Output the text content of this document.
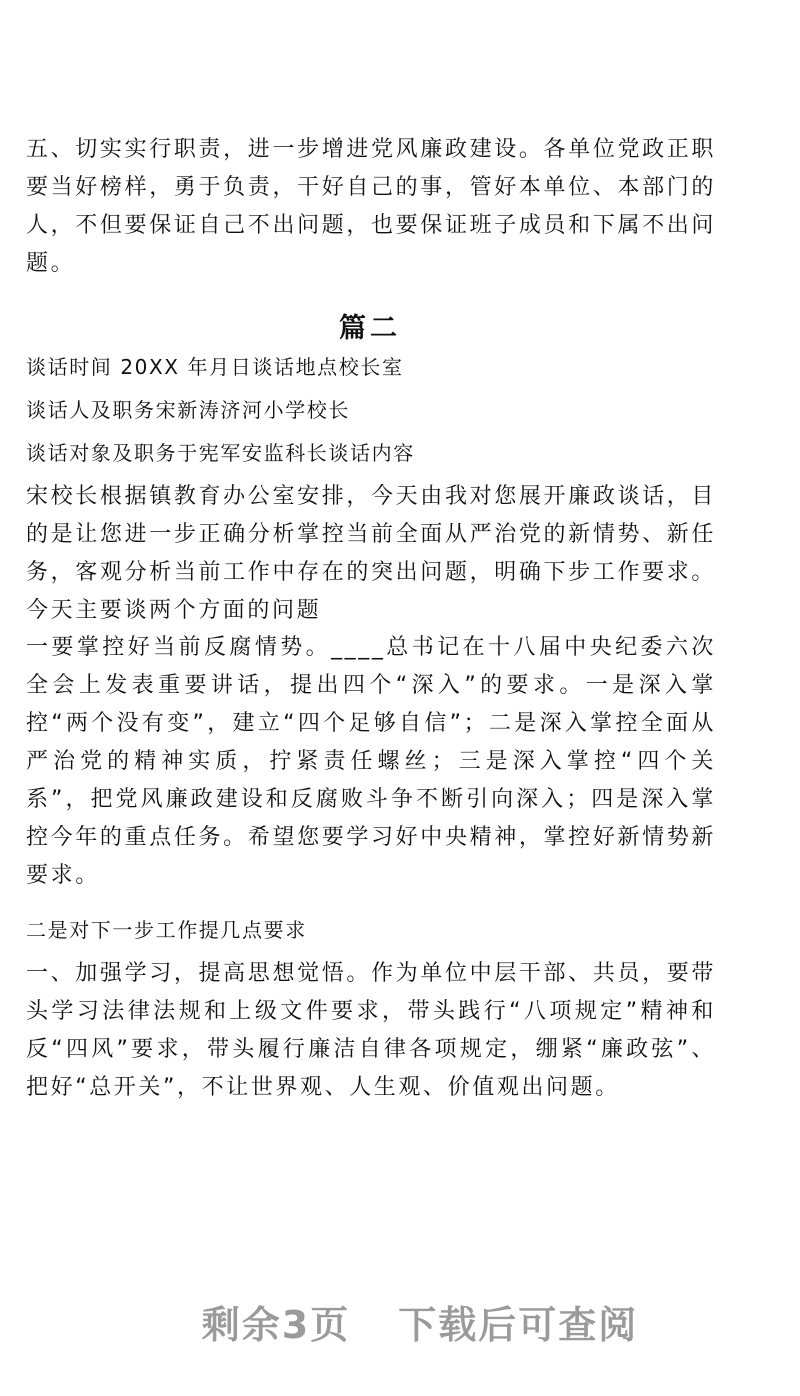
五、切实实行职责，进一步增进党风廉政建设。各单位党政正职要当好榜样，勇于负责，干好自己的事，管好本单位、本部门的人，不但要保证自己不出问题，也要保证班子成员和下属不出问题。

篇二
谈话时间 20XX 年月日谈话地点校长室
谈话人及职务宋新涛济河小学校长
谈话对象及职务于宪军安监科长谈话内容

宋校长根据镇教育办公室安排，今天由我对您展开廉政谈话，目的是让您进一步正确分析掌控当前全面从严治党的新情势、新任务，客观分析当前工作中存在的突出问题，明确下步工作要求。今天主要谈两个方面的问题

一要掌控好当前反腐情势。____总书记在十八届中央纪委六次全会上发表重要讲话，提出四个“深入”的要求。一是深入掌控“两个没有变”，建立“四个足够自信”；二是深入掌控全面从严治党的精神实质，拧紧责任螺丝；三是深入掌控“四个关系”，把党风廉政建设和反腐败斗争不断引向深入；四是深入掌控今年的重点任务。希望您要学习好中央精神，掌控好新情势新要求。

二是对下一步工作提几点要求

一、加强学习，提高思想觉悟。作为单位中层干部、共员，要带头学习法律法规和上级文件要求，带头践行“八项规定”精神和反“四风”要求，带头履行廉洁自律各项规定，绷紧“廉政弦”、把好“总开关”，不让世界观、人生观、价值观出问题。

剩余3页 下载后可查阅
